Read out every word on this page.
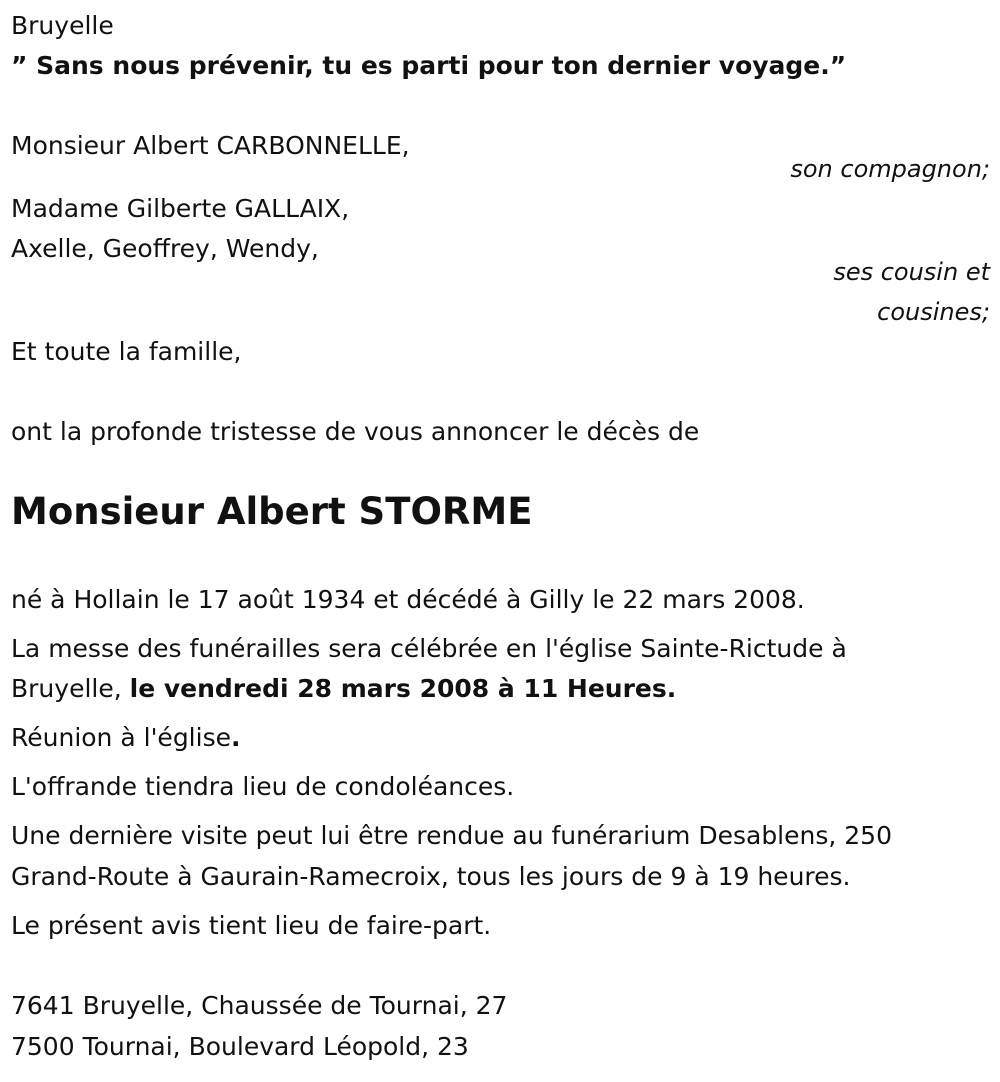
Bruyelle
” Sans nous prévenir, tu es parti pour ton dernier voyage.”
Monsieur Albert CARBONNELLE,
son compagnon;
Madame Gilberte GALLAIX,
Axelle, Geoffrey, Wendy,
ses cousin et
cousines;
Et toute la famille,
ont la profonde tristesse de vous annoncer le décès de
Monsieur Albert STORME
né à Hollain le 17 août 1934 et décédé à Gilly le 22 mars 2008.
La messe des funérailles sera célébrée en l'église Sainte-Rictude à
Bruyelle, le vendredi 28 mars 2008 à 11 Heures.
Réunion à l'église.
L'offrande tiendra lieu de condoléances.
Une dernière visite peut lui être rendue au funérarium Desablens, 250
Grand-Route à Gaurain-Ramecroix, tous les jours de 9 à 19 heures.
Le présent avis tient lieu de faire-part.
7641 Bruyelle, Chaussée de Tournai, 27
7500 Tournai, Boulevard Léopold, 23
